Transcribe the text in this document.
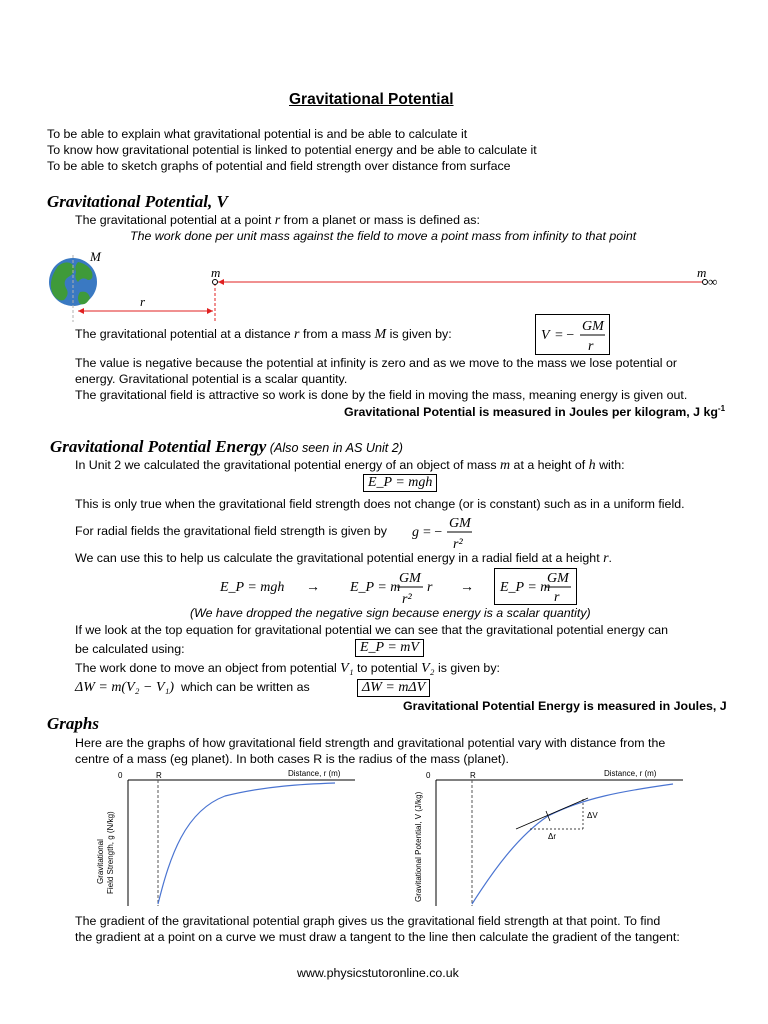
Gravitational Potential
To be able to explain what gravitational potential is and be able to calculate it
To know how gravitational potential is linked to potential energy and be able to calculate it
To be able to sketch graphs of potential and field strength over distance from surface
Gravitational Potential, V
The gravitational potential at a point r from a planet or mass is defined as:
The work done per unit mass against the field to move a point mass from infinity to that point
M
m	m
∞
r
The gravitational potential at a distance r from a mass M is given by:	V = −
GM
r
The value is negative because the potential at infinity is zero and as we move to the mass we lose potential or
energy. Gravitational potential is a scalar quantity.
The gravitational field is attractive so work is done by the field in moving the mass, meaning energy is given out.
Gravitational Potential is measured in Joules per kilogram, J $kg^{-1}$
Gravitational Potential Energy (Also seen in AS Unit 2)
In Unit 2 we calculated the gravitational potential energy of an object of mass m at a height of h with:
E_P = mgh
This is only true when the gravitational field strength does not change (or is constant) such as in a uniform field.
For radial fields the gravitational field strength is given by g = −
GM
r²
We can use this to help us calculate the gravitational potential energy in a radial field at a height r.
E_P = mgh → E_P = m
GM
r²
r → E_P = m
GM
r
(We have dropped the negative sign because energy is a scalar quantity)
If we look at the top equation for gravitational potential we can see that the gravitational potential energy can
be calculated using:	E_P = mV
The work done to move an object from potential V₁ to potential V₂ is given by:
ΔW = m(V₂ − V₁) which can be written as	ΔW = mΔV
Gravitational Potential Energy is measured in Joules, J
Graphs
Here are the graphs of how gravitational field strength and gravitational potential vary with distance from the
centre of a mass (eg planet). In both cases R is the radius of the mass (planet).
0	R	Distance, r (m)
Gravitational Field Strength, g (N/kg)
0	R	Distance, r (m)
Gravitational Potential, V (J/kg)	ΔV
Δr
The gradient of the gravitational potential graph gives us the gravitational field strength at that point. To find
the gradient at a point on a curve we must draw a tangent to the line then calculate the gradient of the tangent:
www.physicstutoronline.co.uk
